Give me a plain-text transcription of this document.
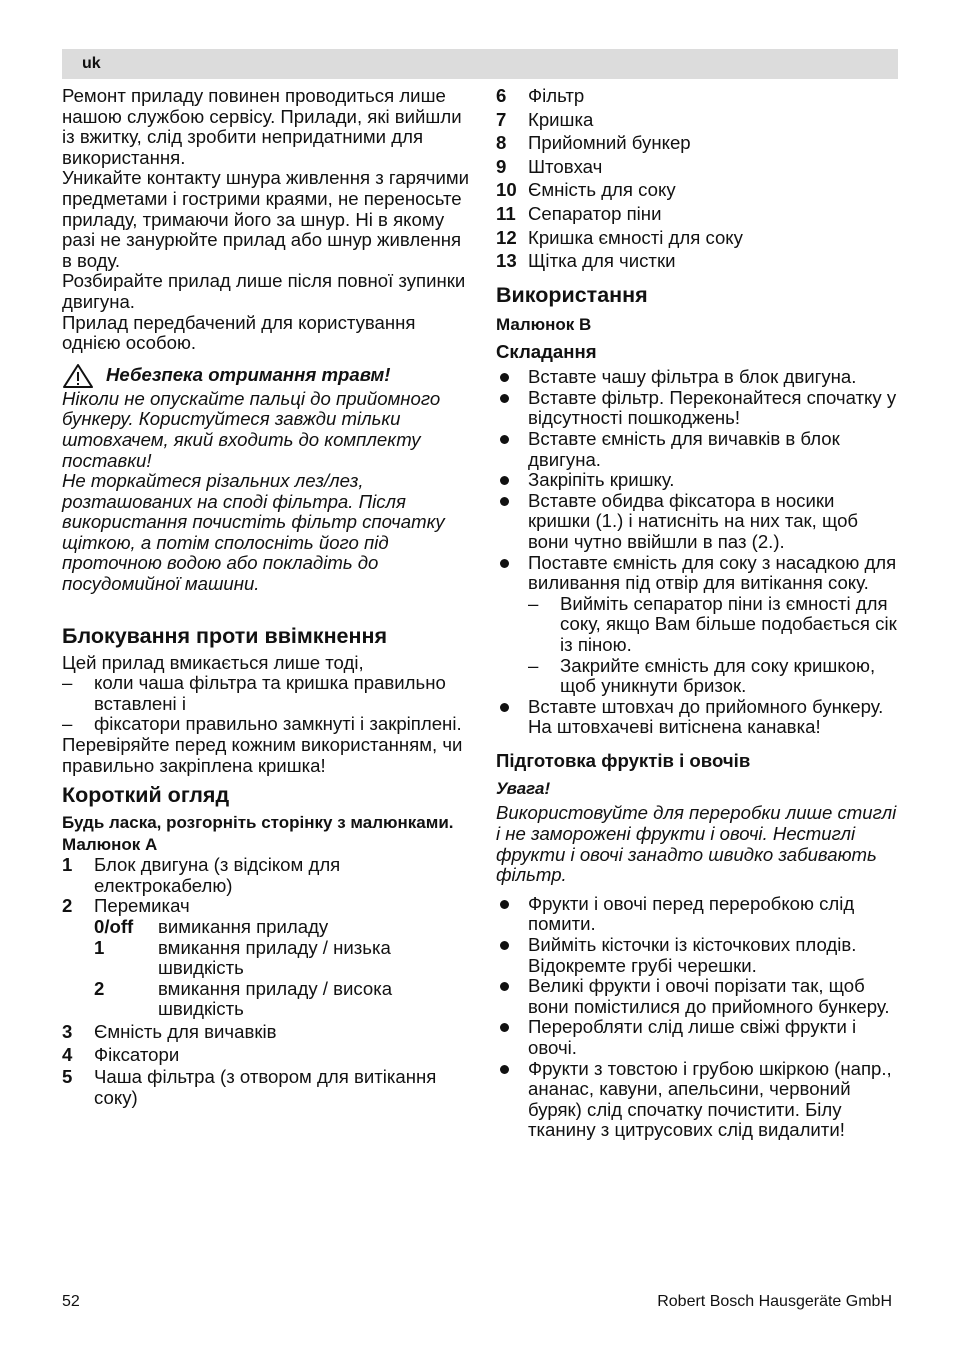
uk

Ремонт приладу повинен проводиться лише нашою службою сервісу. Прилади, які вийшли із вжитку, слід зробити непридатними для використання.

Уникайте контакту шнура живлення з гарячими предметами і гострими краями, не переносьте приладу, тримаючи його за шнур. Ні в якому разі не занурюйте прилад або шнур живлення в воду.

Розбирайте прилад лише після повної зупинки двигуна.

Прилад передбачений для користування однією особою.

Небезпека отримання травм!

Ніколи не опускайте пальці до прийомного бункеру. Користуйтеся завжди тільки штовхачем, який входить до комплекту поставки!

Не торкайтеся різальних лез/лез, розташованих на споді фільтра. Після використання почистіть фільтр спочатку щіткою, а потім сполосніть його під проточною водою або покладіть до посудомийної машини.

Блокування проти ввімкнення

Цей прилад вмикається лише тоді,

–	коли чаша фільтра та кришка правильно вставлені і
–	фіксатори правильно замкнуті і закріплені.

Перевіряйте перед кожним використанням, чи правильно закріплена кришка!

Короткий огляд

Будь ласка, розгорніть сторінку з малюнками.

Малюнок А

1	Блок двигуна (з відсіком для електрокабелю)
2	Перемикач
0/off	вимикання приладу
1	вмикання приладу / низька швидкість
2	вмикання приладу / висока швидкість
3	Ємність для вичавків
4	Фіксатори
5	Чаша фільтра (з отвором для витікання соку)
6	Фільтр
7	Кришка
8	Прийомний бункер
9	Штовхач
10 Ємність для соку
11 Сепаратор піни
12 Кришка ємності для соку
13 Щітка для чистки
Використання

Малюнок B

Складання
Вставте чашу фільтра в блок двигуна.
Вставте фільтр. Переконайтеся спочатку у відсутності пошкоджень!
Вставте ємність для вичавків в блок двигуна.
Закріпіть кришку.
Вставте обидва фіксатора в носики кришки (1.) і натисніть на них так, щоб вони чутно ввійшли в паз (2.).
Поставте ємність для соку з насадкою для виливання під отвір для витікання соку.
–	Вийміть сепаратор піни із ємності для соку, якщо Вам більше подобається сік із піною.
–	Закрийте ємність для соку кришкою, щоб уникнути бризок.
Вставте штовхач до прийомного бункеру. На штовхачеві витіснена канавка!
Підготовка фруктів і овочів

Увага!

Використовуйте для переробки лише стиглі і не заморожені фрукти і овочі. Нестиглі фрукти і овочі занадто швидко забивають фільтр.

Фрукти і овочі перед переробкою слід помити.
Вийміть кісточки із кісточкових плодів. Відокремте грубі черешки.
Великі фрукти і овочі порізати так, щоб вони помістилися до прийомного бункеру.
Переробляти слід лише свіжі фрукти і овочі.
Фрукти з товстою і грубою шкіркою (напр., ананас, кавуни, апельсини, червоний буряк) слід спочатку почистити. Білу тканину з цитрусових слід видалити!
52	Robert Bosch Hausgeräte GmbH
